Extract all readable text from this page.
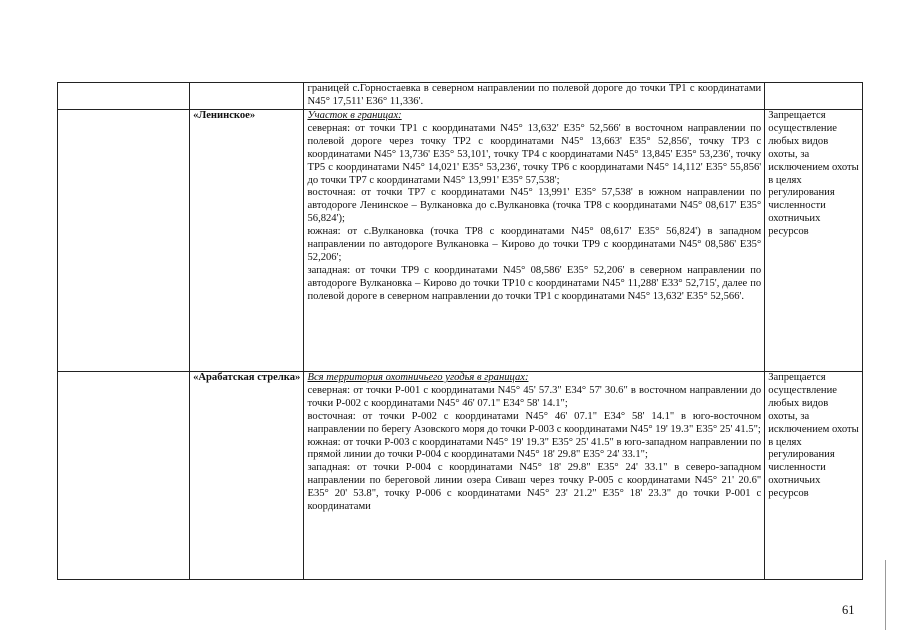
		границей с.Горностаевка в северном направлении по полевой дороге до точки ТР1 с координатами N45° 17,511' E36° 11,336'.	

	«Ленинское»	Участок в границах:

северная: от точки ТР1 с координатами N45° 13,632' E35° 52,566' в восточном направлении по полевой дороге через точку ТР2 с координатами N45° 13,663' E35° 52,856', точку ТР3 с координатами N45° 13,736' E35° 53,101', точку ТР4 с координатами N45° 13,845' E35° 53,236', точку ТР5 с координатами N45° 14,021' E35° 53,236', точку ТР6 с координатами N45° 14,112' E35° 55,856' до точки ТР7 с координатами N45° 13,991' E35° 57,538';

восточная: от точки ТР7 с координатами N45° 13,991' E35° 57,538' в южном направлении по автодороге Ленинское – Вулкановка до с.Вулкановка (точка ТР8 с координатами N45° 08,617' E35° 56,824');

южная: от с.Вулкановка (точка ТР8 с координатами N45° 08,617' E35° 56,824') в западном направлении по автодороге Вулкановка – Кирово до точки ТР9 с координатами N45° 08,586' E35° 52,206';

западная: от точки ТР9 с координатами N45° 08,586' E35° 52,206' в северном направлении по автодороге Вулкановка – Кирово до точки ТР10 с координатами N45° 11,288' E33° 52,715', далее по полевой дороге в северном направлении до точки ТР1 с координатами N45° 13,632' E35° 52,566'.	Запрещается осуществление любых видов охоты, за исключением охоты в целях регулирования численности охотничьих ресурсов
	«Арабатская стрелка»	Вся территория охотничьего угодья в границах:

северная: от точки Р-001 с координатами N45° 45' 57.3" E34° 57' 30.6" в восточном направлении до точки Р-002 с координатами N45° 46' 07.1" E34° 58' 14.1";

восточная: от точки Р-002 с координатами N45° 46' 07.1" E34° 58' 14.1" в юго-восточном направлении по берегу Азовского моря до точки Р-003 с координатами N45° 19' 19.3" E35° 25' 41.5";

южная: от точки Р-003 с координатами N45° 19' 19.3" E35° 25' 41.5" в юго-западном направлении по прямой линии до точки Р-004 с координатами N45° 18' 29.8" E35° 24' 33.1";

западная: от точки Р-004 с координатами N45° 18' 29.8" E35° 24' 33.1" в северо-западном направлении по береговой линии озера Сиваш через точку Р-005 с координатами N45° 21' 20.6" E35° 20' 53.8", точку Р-006 с координатами N45° 23' 21.2" E35° 18' 23.3" до точки Р-001 с координатами	Запрещается осуществление любых видов охоты, за исключением охоты в целях регулирования численности охотничьих ресурсов
61
